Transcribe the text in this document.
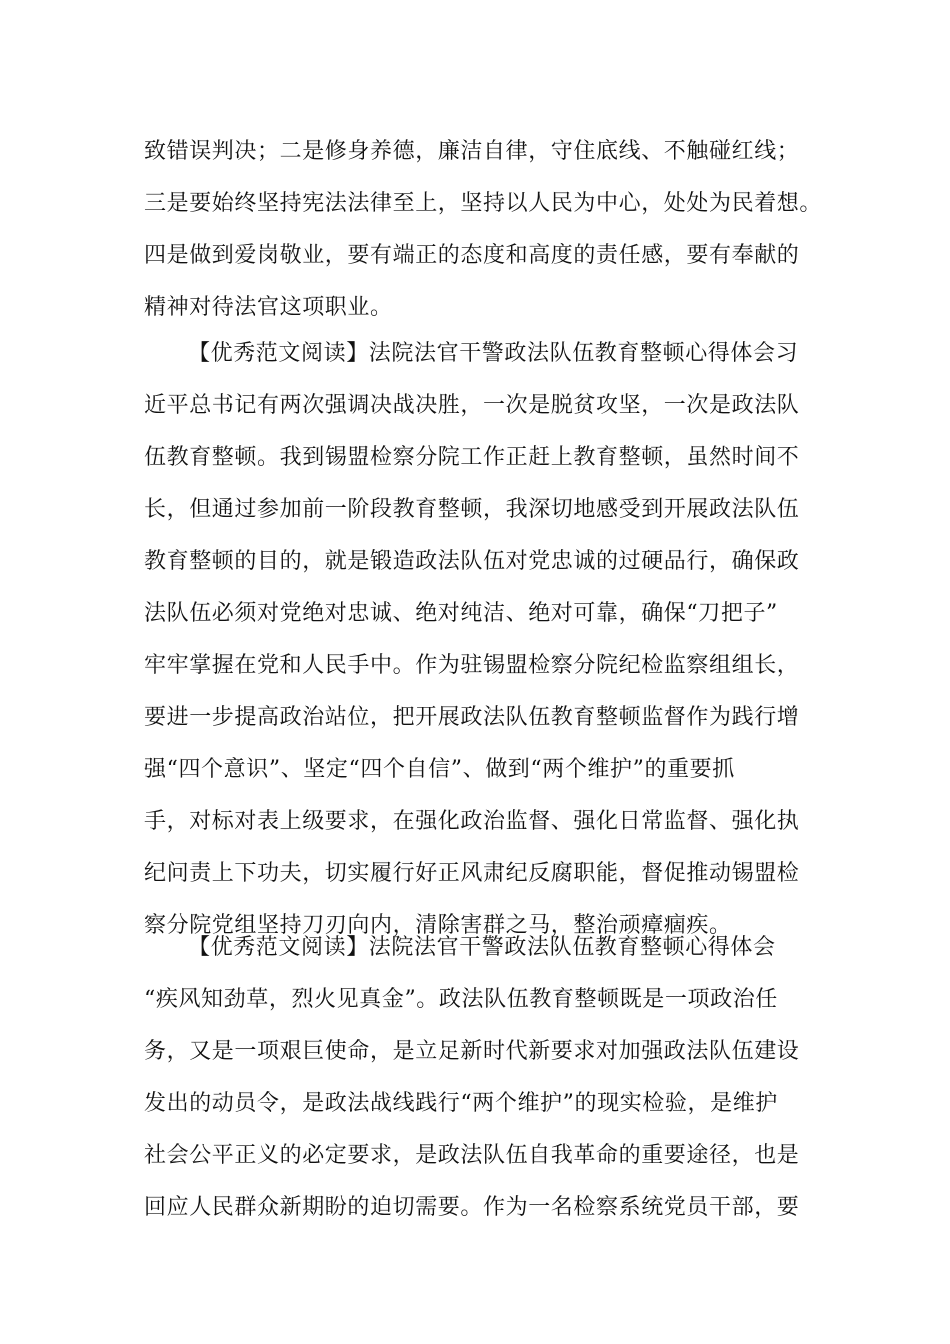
致错误判决；二是修身养德，廉洁自律，守住底线、不触碰红线；
三是要始终坚持宪法法律至上，坚持以人民为中心，处处为民着想。
四是做到爱岗敬业，要有端正的态度和高度的责任感，要有奉献的
精神对待法官这项职业。
【优秀范文阅读】法院法官干警政法队伍教育整顿心得体会习
近平总书记有两次强调决战决胜，一次是脱贫攻坚，一次是政法队
伍教育整顿。我到锡盟检察分院工作正赶上教育整顿，虽然时间不
长，但通过参加前一阶段教育整顿，我深切地感受到开展政法队伍
教育整顿的目的，就是锻造政法队伍对党忠诚的过硬品行，确保政
法队伍必须对党绝对忠诚、绝对纯洁、绝对可靠，确保“刀把子”
牢牢掌握在党和人民手中。作为驻锡盟检察分院纪检监察组组长，
要进一步提高政治站位，把开展政法队伍教育整顿监督作为践行增
强“四个意识”、坚定“四个自信”、做到“两个维护”的重要抓
手，对标对表上级要求，在强化政治监督、强化日常监督、强化执
纪问责上下功夫，切实履行好正风肃纪反腐职能，督促推动锡盟检
察分院党组坚持刀刃向内，清除害群之马，整治顽瘴痼疾。
【优秀范文阅读】法院法官干警政法队伍教育整顿心得体会
“疾风知劲草，烈火见真金”。政法队伍教育整顿既是一项政治任
务，又是一项艰巨使命，是立足新时代新要求对加强政法队伍建设
发出的动员令，是政法战线践行“两个维护”的现实检验，是维护
社会公平正义的必定要求，是政法队伍自我革命的重要途径，也是
回应人民群众新期盼的迫切需要。作为一名检察系统党员干部，要
